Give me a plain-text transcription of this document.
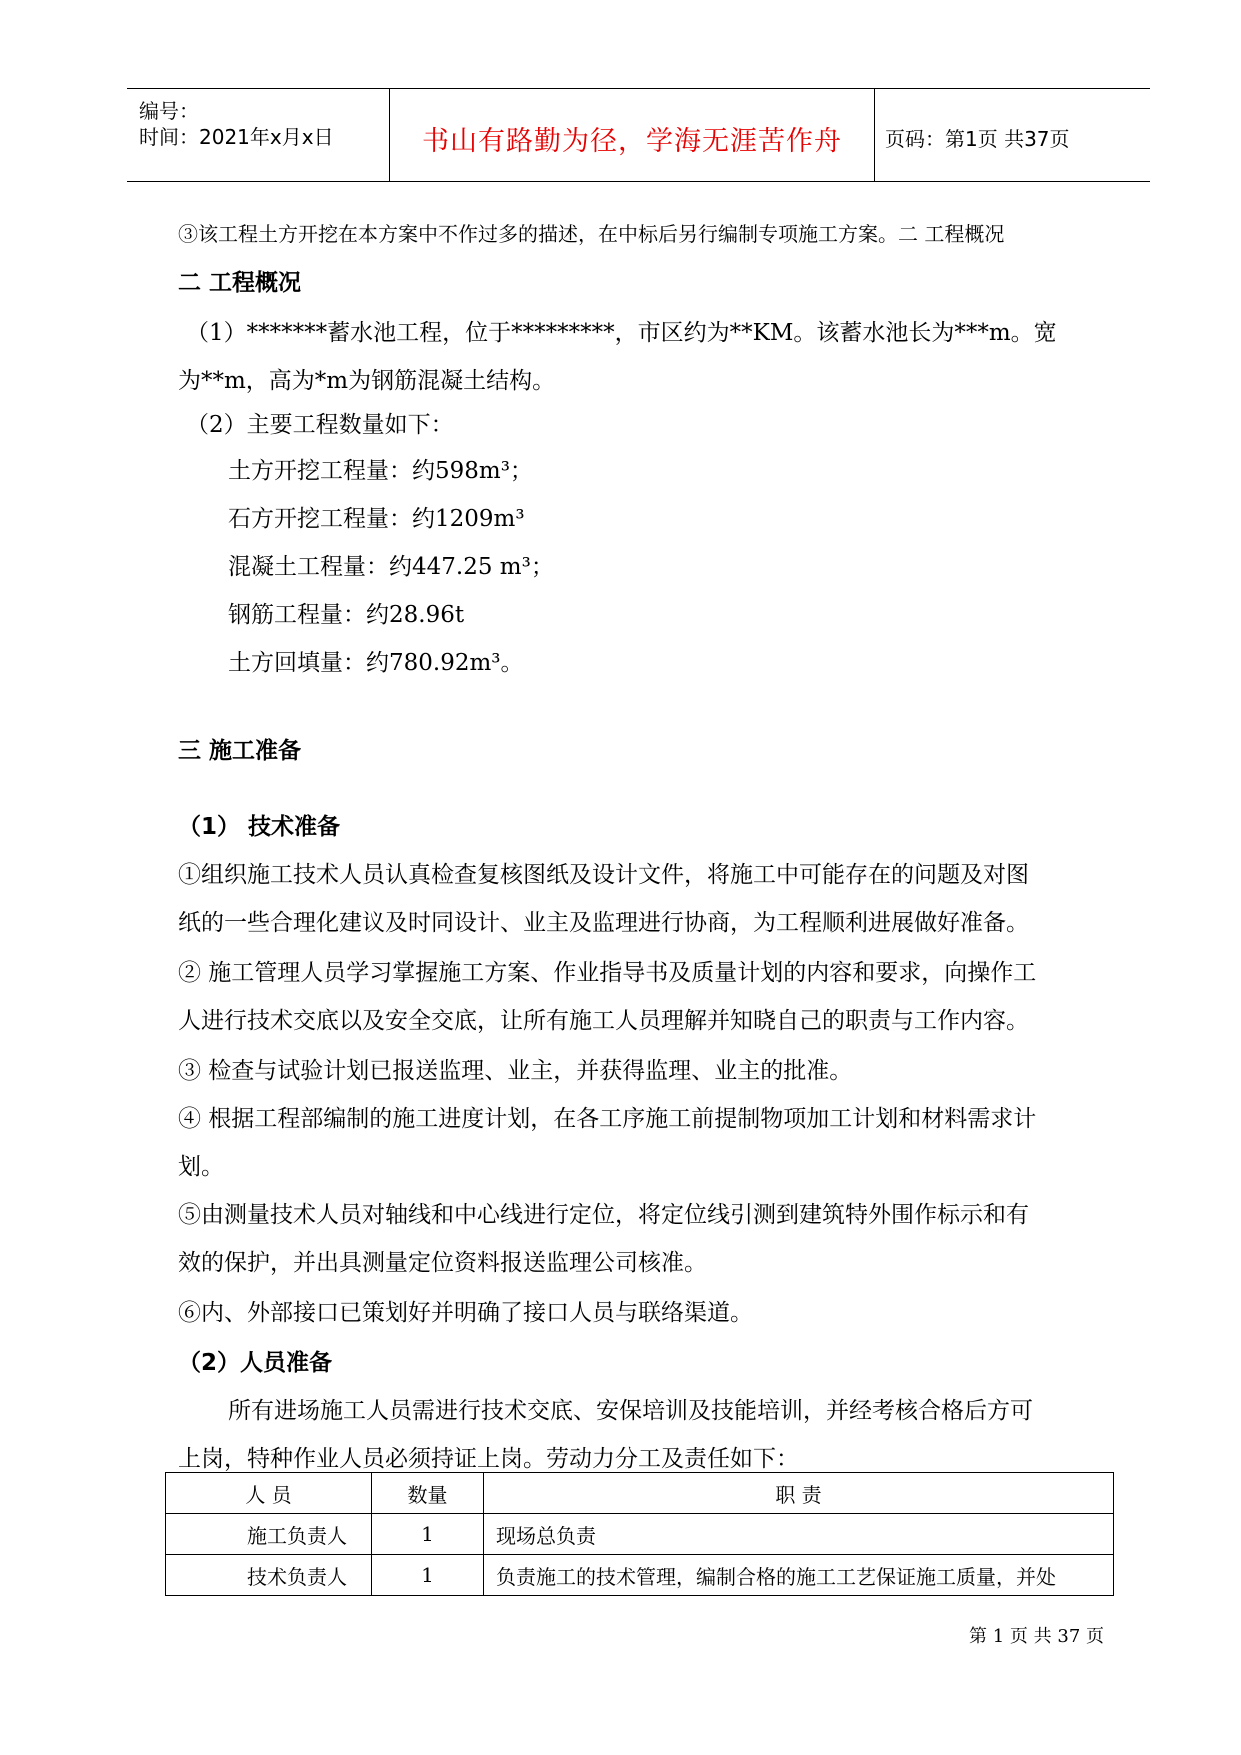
编号：
时间：2021年x月x日	书山有路勤为径，学海无涯苦作舟	页码：第1页 共37页
③该工程土方开挖在本方案中不作过多的描述，在中标后另行编制专项施工方案。二 工程概况
二 工程概况
（1）*******蓄水池工程，位于*********，市区约为**KM。该蓄水池长为***m。宽
为**m，高为*m为钢筋混凝土结构。
（2）主要工程数量如下：
土方开挖工程量：约598m³；
石方开挖工程量：约1209m³
混凝土工程量：约447.25 m³；
钢筋工程量：约28.96t
土方回填量：约780.92m³。
三 施工准备
（1） 技术准备
①组织施工技术人员认真检查复核图纸及设计文件，将施工中可能存在的问题及对图
纸的一些合理化建议及时同设计、业主及监理进行协商，为工程顺利进展做好准备。
② 施工管理人员学习掌握施工方案、作业指导书及质量计划的内容和要求，向操作工
人进行技术交底以及安全交底，让所有施工人员理解并知晓自己的职责与工作内容。
③ 检查与试验计划已报送监理、业主，并获得监理、业主的批准。
④ 根据工程部编制的施工进度计划，在各工序施工前提制物项加工计划和材料需求计
划。
⑤由测量技术人员对轴线和中心线进行定位，将定位线引测到建筑特外围作标示和有
效的保护，并出具测量定位资料报送监理公司核准。
⑥内、外部接口已策划好并明确了接口人员与联络渠道。
（2）人员准备
所有进场施工人员需进行技术交底、安保培训及技能培训，并经考核合格后方可
上岗，特种作业人员必须持证上岗。劳动力分工及责任如下：
人 员	数量	职 责
施工负责人	1	现场总负责
技术负责人	1	负责施工的技术管理，编制合格的施工工艺保证施工质量，并处
第 1 页 共 37 页
